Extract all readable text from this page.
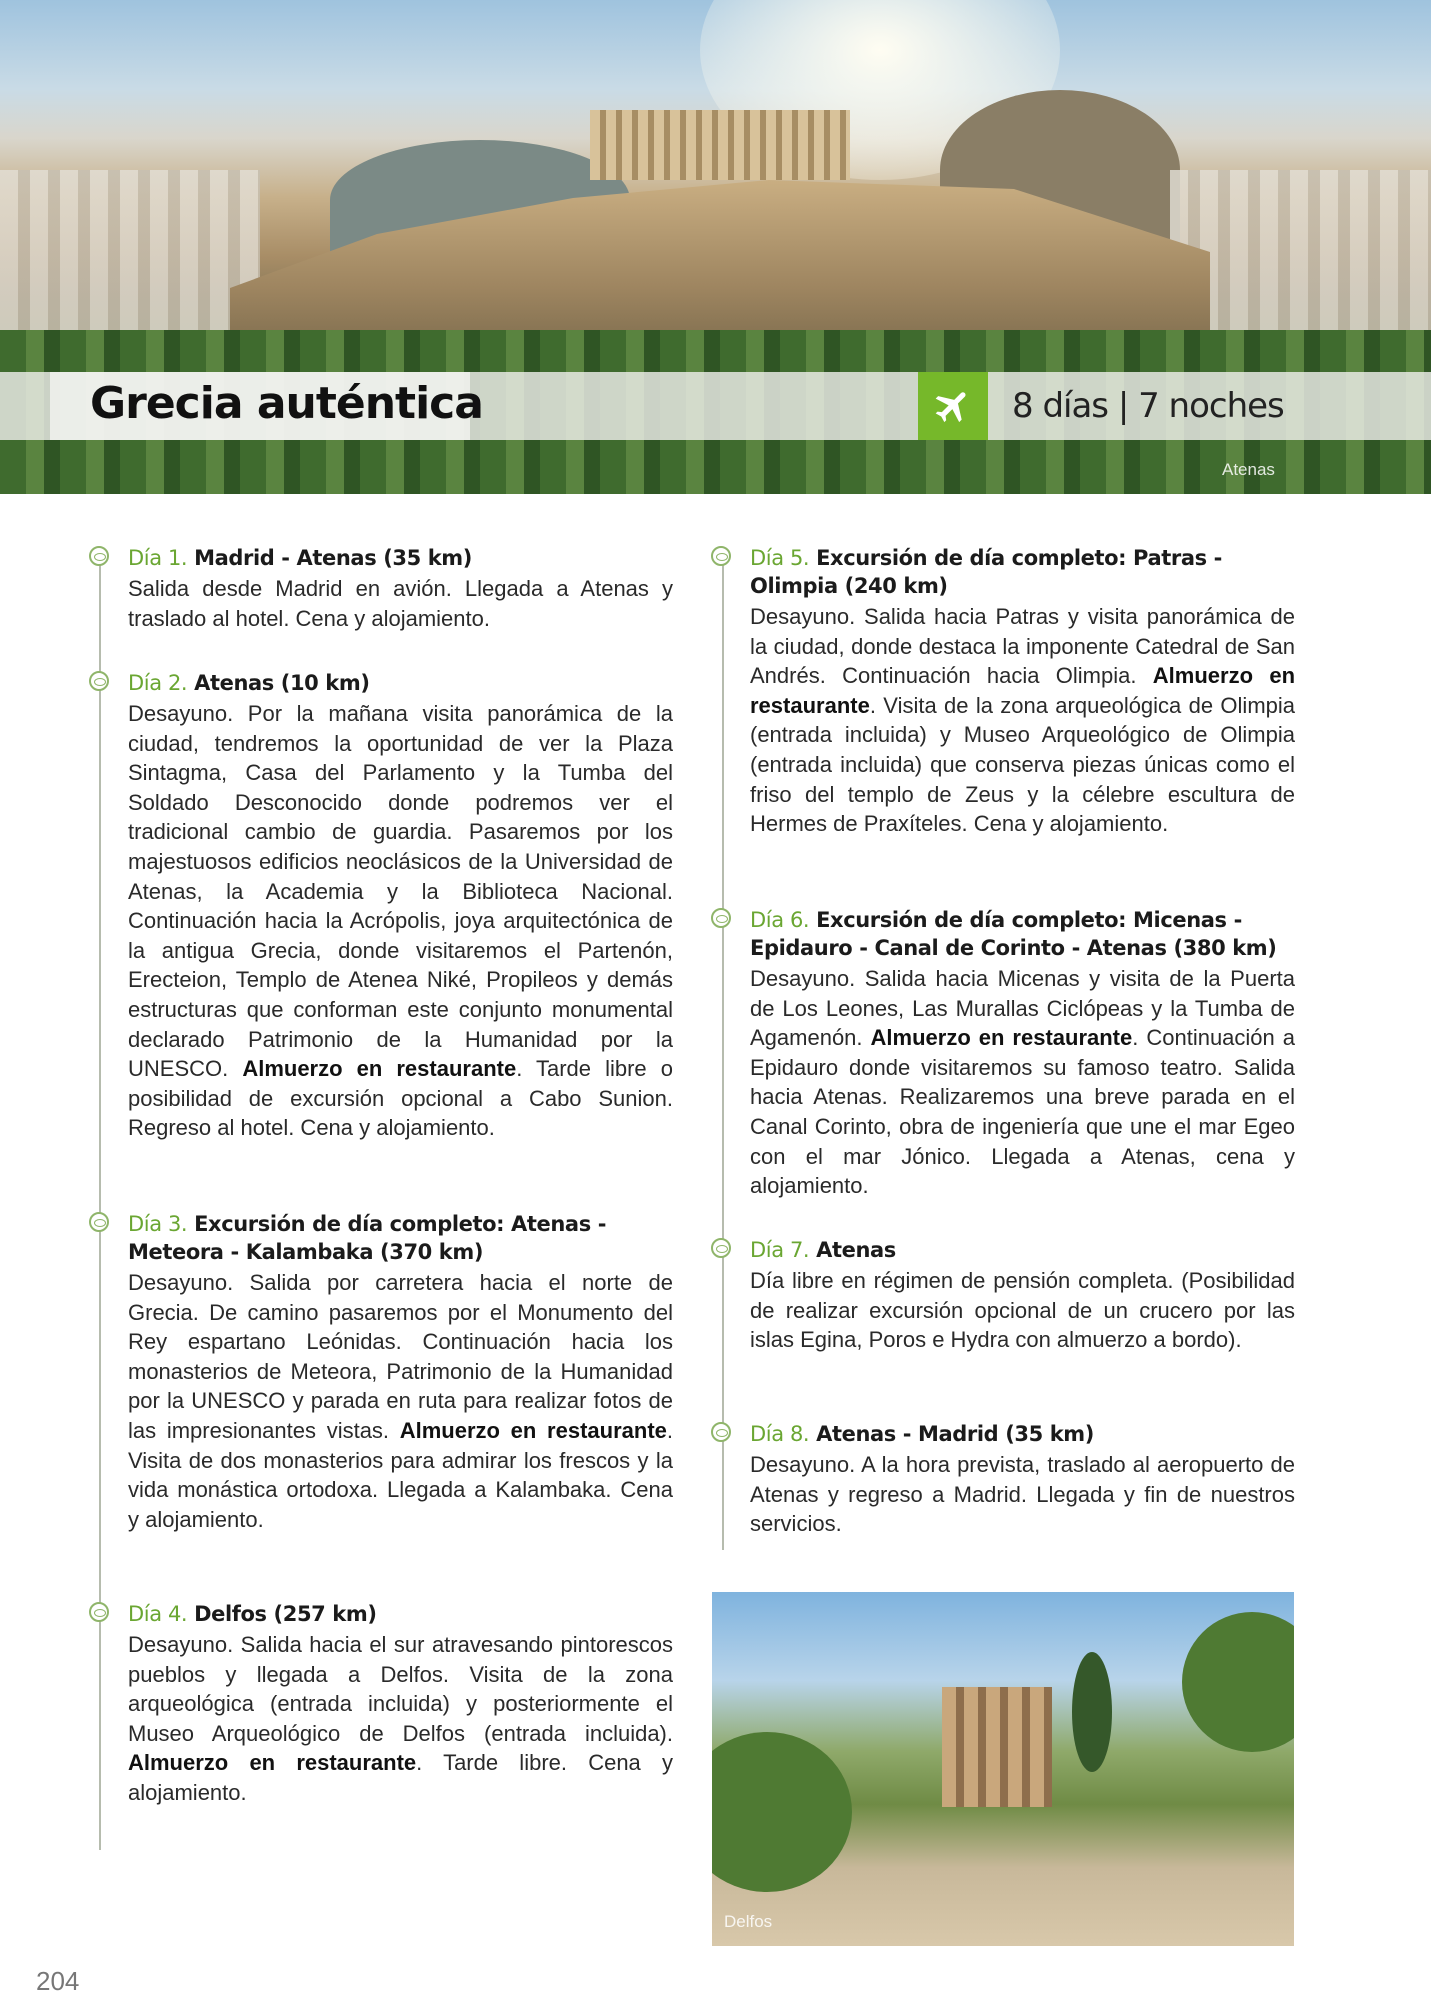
Grecia auténtica	8 días | 7 noches
Atenas
Día 1. Madrid - Atenas (35 km)

Salida desde Madrid en avión. Llegada a Atenas y traslado al hotel. Cena y alojamiento.

Día 2. Atenas (10 km)

Desayuno. Por la mañana visita panorámica de la ciudad, tendremos la oportunidad de ver la Plaza Sintagma, Casa del Parlamento y la Tumba del Soldado Desconocido donde podremos ver el tradicional cambio de guardia. Pasaremos por los majestuosos edificios neoclásicos de la Universidad de Atenas, la Academia y la Biblioteca Nacional. Continuación hacia la Acrópolis, joya arquitectónica de la antigua Grecia, donde visitaremos el Partenón, Erecteion, Templo de Atenea Niké, Propileos y demás estructuras que conforman este conjunto monumental declarado Patrimonio de la Humanidad por la UNESCO. Almuerzo en restaurante. Tarde libre o posibilidad de excursión opcional a Cabo Sunion. Regreso al hotel. Cena y alojamiento.

Día 3. Excursión de día completo: Atenas - Meteora - Kalambaka (370 km)

Desayuno. Salida por carretera hacia el norte de Grecia. De camino pasaremos por el Monumento del Rey espartano Leónidas. Continuación hacia los monasterios de Meteora, Patrimonio de la Humanidad por la UNESCO y parada en ruta para realizar fotos de las impresionantes vistas. Almuerzo en restaurante. Visita de dos monasterios para admirar los frescos y la vida monástica ortodoxa. Llegada a Kalambaka. Cena y alojamiento.

Día 4. Delfos (257 km)

Desayuno. Salida hacia el sur atravesando pintorescos pueblos y llegada a Delfos. Visita de la zona arqueológica (entrada incluida) y posteriormente el Museo Arqueológico de Delfos (entrada incluida). Almuerzo en restaurante. Tarde libre. Cena y alojamiento.

Día 5. Excursión de día completo: Patras - Olimpia (240 km)

Desayuno. Salida hacia Patras y visita panorámica de la ciudad, donde destaca la imponente Catedral de San Andrés. Continuación hacia Olimpia. Almuerzo en restaurante. Visita de la zona arqueológica de Olimpia (entrada incluida) y Museo Arqueológico de Olimpia (entrada incluida) que conserva piezas únicas como el friso del templo de Zeus y la célebre escultura de Hermes de Praxíteles. Cena y alojamiento.

Día 6. Excursión de día completo: Micenas - Epidauro - Canal de Corinto - Atenas (380 km)

Desayuno. Salida hacia Micenas y visita de la Puerta de Los Leones, Las Murallas Ciclópeas y la Tumba de Agamenón. Almuerzo en restaurante. Continuación a Epidauro donde visitaremos su famoso teatro. Salida hacia Atenas. Realizaremos una breve parada en el Canal Corinto, obra de ingeniería que une el mar Egeo con el mar Jónico. Llegada a Atenas, cena y alojamiento.

Día 7. Atenas

Día libre en régimen de pensión completa. (Posibilidad de realizar excursión opcional de un crucero por las islas Egina, Poros e Hydra con almuerzo a bordo).

Día 8. Atenas - Madrid (35 km)

Desayuno. A la hora prevista, traslado al aeropuerto de Atenas y regreso a Madrid. Llegada y fin de nuestros servicios.

Delfos
204
